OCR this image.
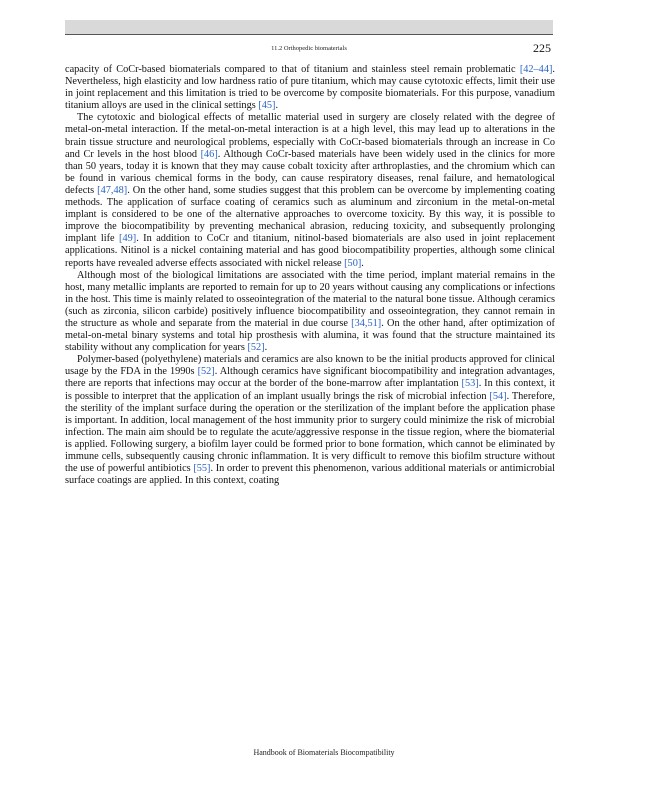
11.2 Orthopedic biomaterials	225

capacity of CoCr-based biomaterials compared to that of titanium and stainless steel remain problematic [42–44]. Nevertheless, high elasticity and low hardness ratio of pure titanium, which may cause cytotoxic effects, limit their use in joint replacement and this limitation is tried to be overcome by composite biomaterials. For this purpose, vanadium titanium alloys are used in the clinical settings [45].

The cytotoxic and biological effects of metallic material used in surgery are closely related with the degree of metal-on-metal interaction. If the metal-on-metal interaction is at a high level, this may lead up to alterations in the brain tissue structure and neurological problems, especially with CoCr-based biomaterials through an increase in Co and Cr levels in the host blood [46]. Although CoCr-based materials have been widely used in the clinics for more than 50 years, today it is known that they may cause cobalt toxicity after arthroplasties, and the chromium which can be found in various chemical forms in the body, can cause respiratory diseases, renal failure, and hematological defects [47,48]. On the other hand, some studies suggest that this problem can be overcome by implementing coating methods. The application of surface coating of ceramics such as aluminum and zirconium in the metal-on-metal implant is considered to be one of the alternative approaches to overcome toxicity. By this way, it is possible to improve the biocompatibility by preventing mechanical abrasion, reducing toxicity, and subsequently prolonging implant life [49]. In addition to CoCr and titanium, nitinol-based biomaterials are also used in joint replacement applications. Nitinol is a nickel containing material and has good biocompatibility properties, although some clinical reports have revealed adverse effects associated with nickel release [50].

Although most of the biological limitations are associated with the time period, implant material remains in the host, many metallic implants are reported to remain for up to 20 years without causing any complications or infections in the host. This time is mainly related to osseointegration of the material to the natural bone tissue. Although ceramics (such as zirconia, silicon carbide) positively influence biocompatibility and osseointegration, they cannot remain in the structure as whole and separate from the material in due course [34,51]. On the other hand, after optimization of metal-on-metal binary systems and total hip prosthesis with alumina, it was found that the structure maintained its stability without any complication for years [52].

Polymer-based (polyethylene) materials and ceramics are also known to be the initial products approved for clinical usage by the FDA in the 1990s [52]. Although ceramics have significant biocompatibility and integration advantages, there are reports that infections may occur at the border of the bone-marrow after implantation [53]. In this context, it is possible to interpret that the application of an implant usually brings the risk of microbial infection [54]. Therefore, the sterility of the implant surface during the operation or the sterilization of the implant before the application phase is important. In addition, local management of the host immunity prior to surgery could minimize the risk of microbial infection. The main aim should be to regulate the acute/aggressive response in the tissue region, where the biomaterial is applied. Following surgery, a biofilm layer could be formed prior to bone formation, which cannot be eliminated by immune cells, subsequently causing chronic inflammation. It is very difficult to remove this biofilm structure without the use of powerful antibiotics [55]. In order to prevent this phenomenon, various additional materials or antimicrobial surface coatings are applied. In this context, coating

Handbook of Biomaterials Biocompatibility
